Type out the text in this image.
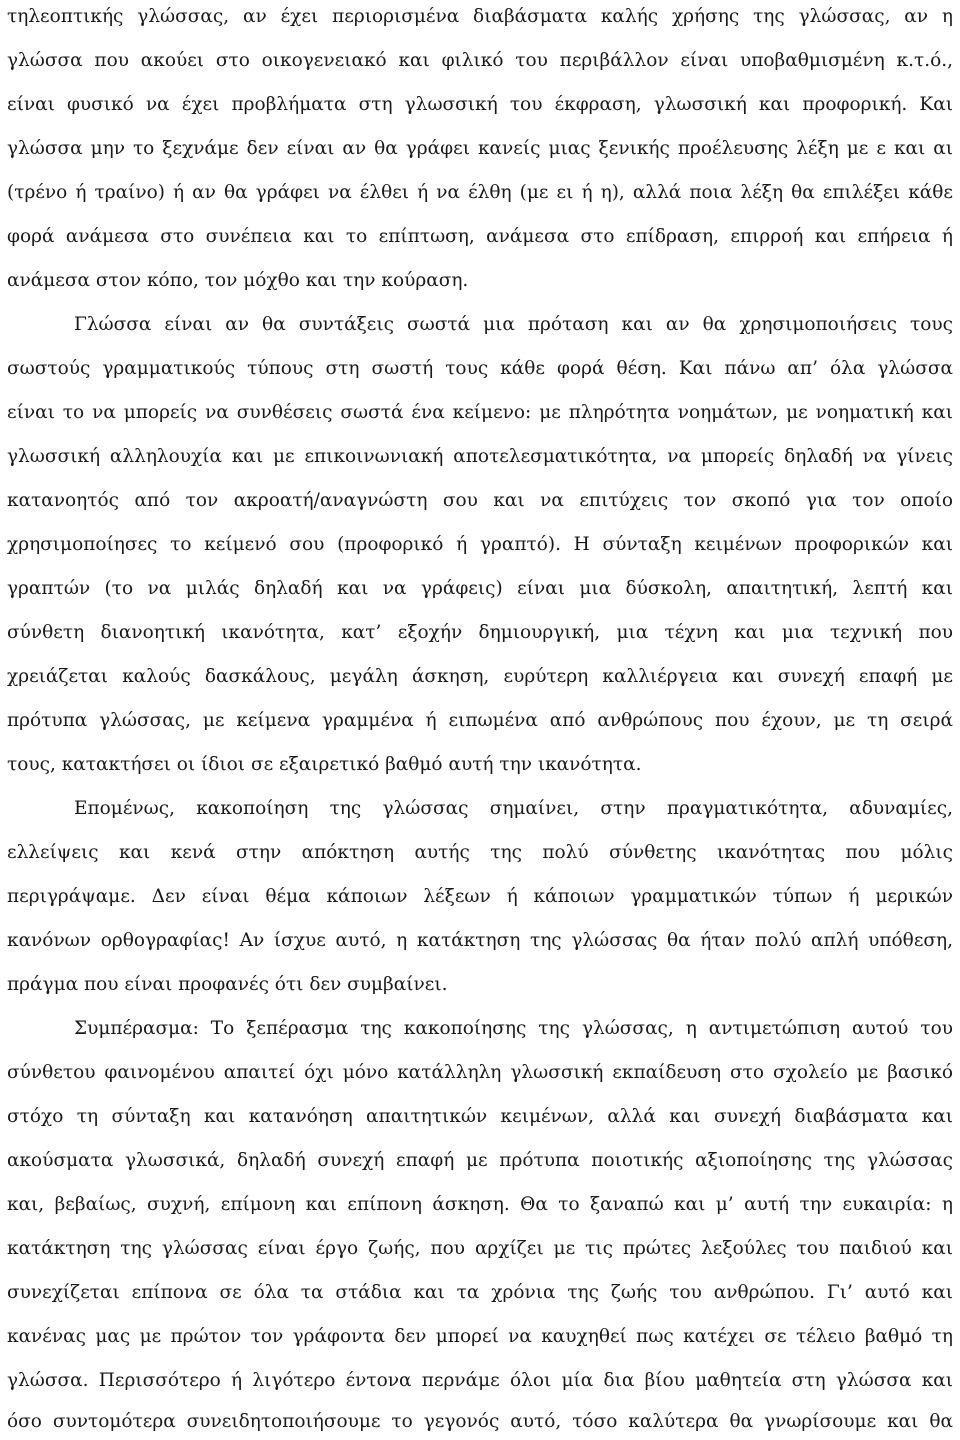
τηλεοπτικής γλώσσας, αν έχει περιορισμένα διαβάσματα καλής χρήσης της γλώσσας, αν η
γλώσσα που ακούει στο οικογενειακό και φιλικό του περιβάλλον είναι υποβαθμισμένη κ.τ.ό.,
είναι φυσικό να έχει προβλήματα στη γλωσσική του έκφραση, γλωσσική και προφορική. Και
γλώσσα μην το ξεχνάμε δεν είναι αν θα γράφει κανείς μιας ξενικής προέλευσης λέξη με ε και αι
(τρένο ή τραίνο) ή αν θα γράφει να έλθει ή να έλθη (με ει ή η), αλλά ποια λέξη θα επιλέξει κάθε
φορά ανάμεσα στο συνέπεια και το επίπτωση, ανάμεσα στο επίδραση, επιρροή και επήρεια ή
ανάμεσα στον κόπο, τον μόχθο και την κούραση.
Γλώσσα είναι αν θα συντάξεις σωστά μια πρόταση και αν θα χρησιμοποιήσεις τους
σωστούς γραμματικούς τύπους στη σωστή τους κάθε φορά θέση. Και πάνω απ’ όλα γλώσσα
είναι το να μπορείς να συνθέσεις σωστά ένα κείμενο: με πληρότητα νοημάτων, με νοηματική και
γλωσσική αλληλουχία και με επικοινωνιακή αποτελεσματικότητα, να μπορείς δηλαδή να γίνεις
κατανοητός από τον ακροατή/αναγνώστη σου και να επιτύχεις τον σκοπό για τον οποίο
χρησιμοποίησες το κείμενό σου (προφορικό ή γραπτό). Η σύνταξη κειμένων προφορικών και
γραπτών (το να μιλάς δηλαδή και να γράφεις) είναι μια δύσκολη, απαιτητική, λεπτή και
σύνθετη διανοητική ικανότητα, κατ’ εξοχήν δημιουργική, μια τέχνη και μια τεχνική που
χρειάζεται καλούς δασκάλους, μεγάλη άσκηση, ευρύτερη καλλιέργεια και συνεχή επαφή με
πρότυπα γλώσσας, με κείμενα γραμμένα ή ειπωμένα από ανθρώπους που έχουν, με τη σειρά
τους, κατακτήσει οι ίδιοι σε εξαιρετικό βαθμό αυτή την ικανότητα.
Επομένως, κακοποίηση της γλώσσας σημαίνει, στην πραγματικότητα, αδυναμίες,
ελλείψεις και κενά στην απόκτηση αυτής της πολύ σύνθετης ικανότητας που μόλις
περιγράψαμε. Δεν είναι θέμα κάποιων λέξεων ή κάποιων γραμματικών τύπων ή μερικών
κανόνων ορθογραφίας! Αν ίσχυε αυτό, η κατάκτηση της γλώσσας θα ήταν πολύ απλή υπόθεση,
πράγμα που είναι προφανές ότι δεν συμβαίνει.
Συμπέρασμα: Το ξεπέρασμα της κακοποίησης της γλώσσας, η αντιμετώπιση αυτού του
σύνθετου φαινομένου απαιτεί όχι μόνο κατάλληλη γλωσσική εκπαίδευση στο σχολείο με βασικό
στόχο τη σύνταξη και κατανόηση απαιτητικών κειμένων, αλλά και συνεχή διαβάσματα και
ακούσματα γλωσσικά, δηλαδή συνεχή επαφή με πρότυπα ποιοτικής αξιοποίησης της γλώσσας
και, βεβαίως, συχνή, επίμονη και επίπονη άσκηση. Θα το ξαναπώ και μ’ αυτή την ευκαιρία: η
κατάκτηση της γλώσσας είναι έργο ζωής, που αρχίζει με τις πρώτες λεξούλες του παιδιού και
συνεχίζεται επίπονα σε όλα τα στάδια και τα χρόνια της ζωής του ανθρώπου. Γι’ αυτό και
κανένας μας με πρώτον τον γράφοντα δεν μπορεί να καυχηθεί πως κατέχει σε τέλειο βαθμό τη
γλώσσα. Περισσότερο ή λιγότερο έντονα περνάμε όλοι μία δια βίου μαθητεία στη γλώσσα και
όσο συντομότερα συνειδητοποιήσουμε το γεγονός αυτό, τόσο καλύτερα θα γνωρίσουμε και θα
